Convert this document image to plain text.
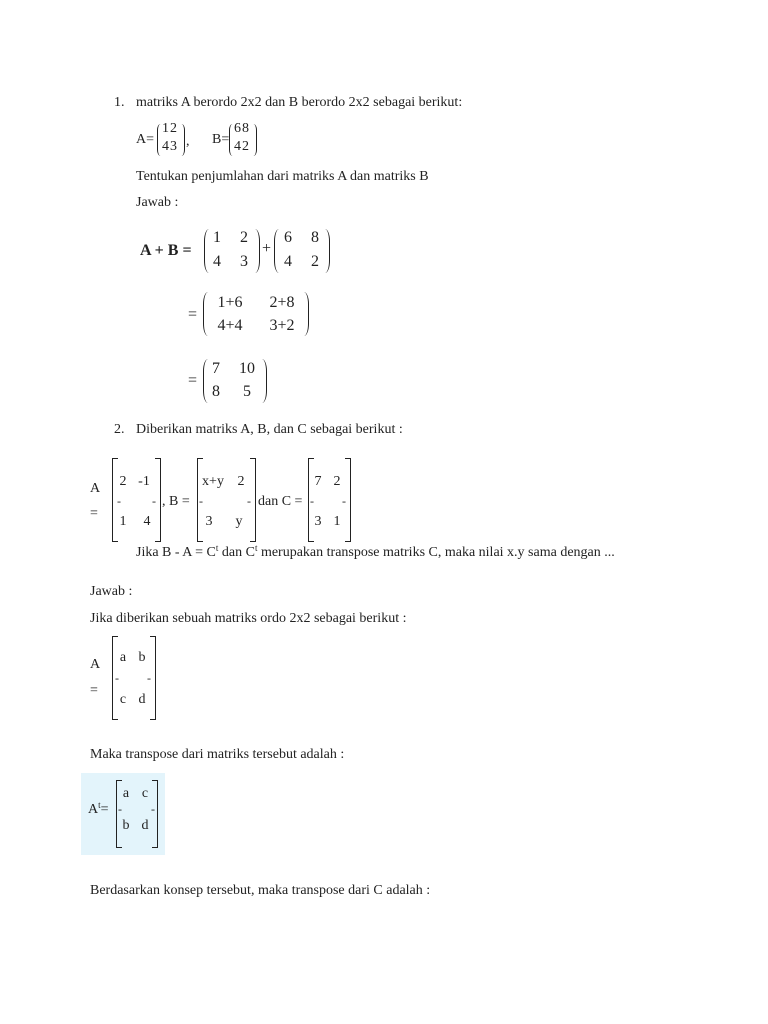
1. matriks A berordo 2x2 dan B berordo 2x2 sebagai berikut:
A=
12
43 , B=
68
42
Tentukan penjumlahan dari matriks A dan matriks B
Jawab :
A + B =
1 2
4 3
+
6 8
4 2
=
1+6	2+8
4+4	3+2
=
7 10
8	5
2. Diberikan matriks A, B, dan C sebagai berikut :
A
=
2 -1
-	-
1	4
, B =
x+y 2
-	-
3	y
dan C =
7 2
- -
3 1
Jika $B - A = C^t$ dan $C^t$ merupakan transpose matriks C, maka nilai x.y sama dengan ...
Jawab :
Jika diberikan sebuah matriks ordo 2x2 sebagai berikut :
A
=
a b
- -
c d
Maka transpose dari matriks tersebut adalah :
$A^t=$
a c
- -
b d
Berdasarkan konsep tersebut, maka transpose dari C adalah :
